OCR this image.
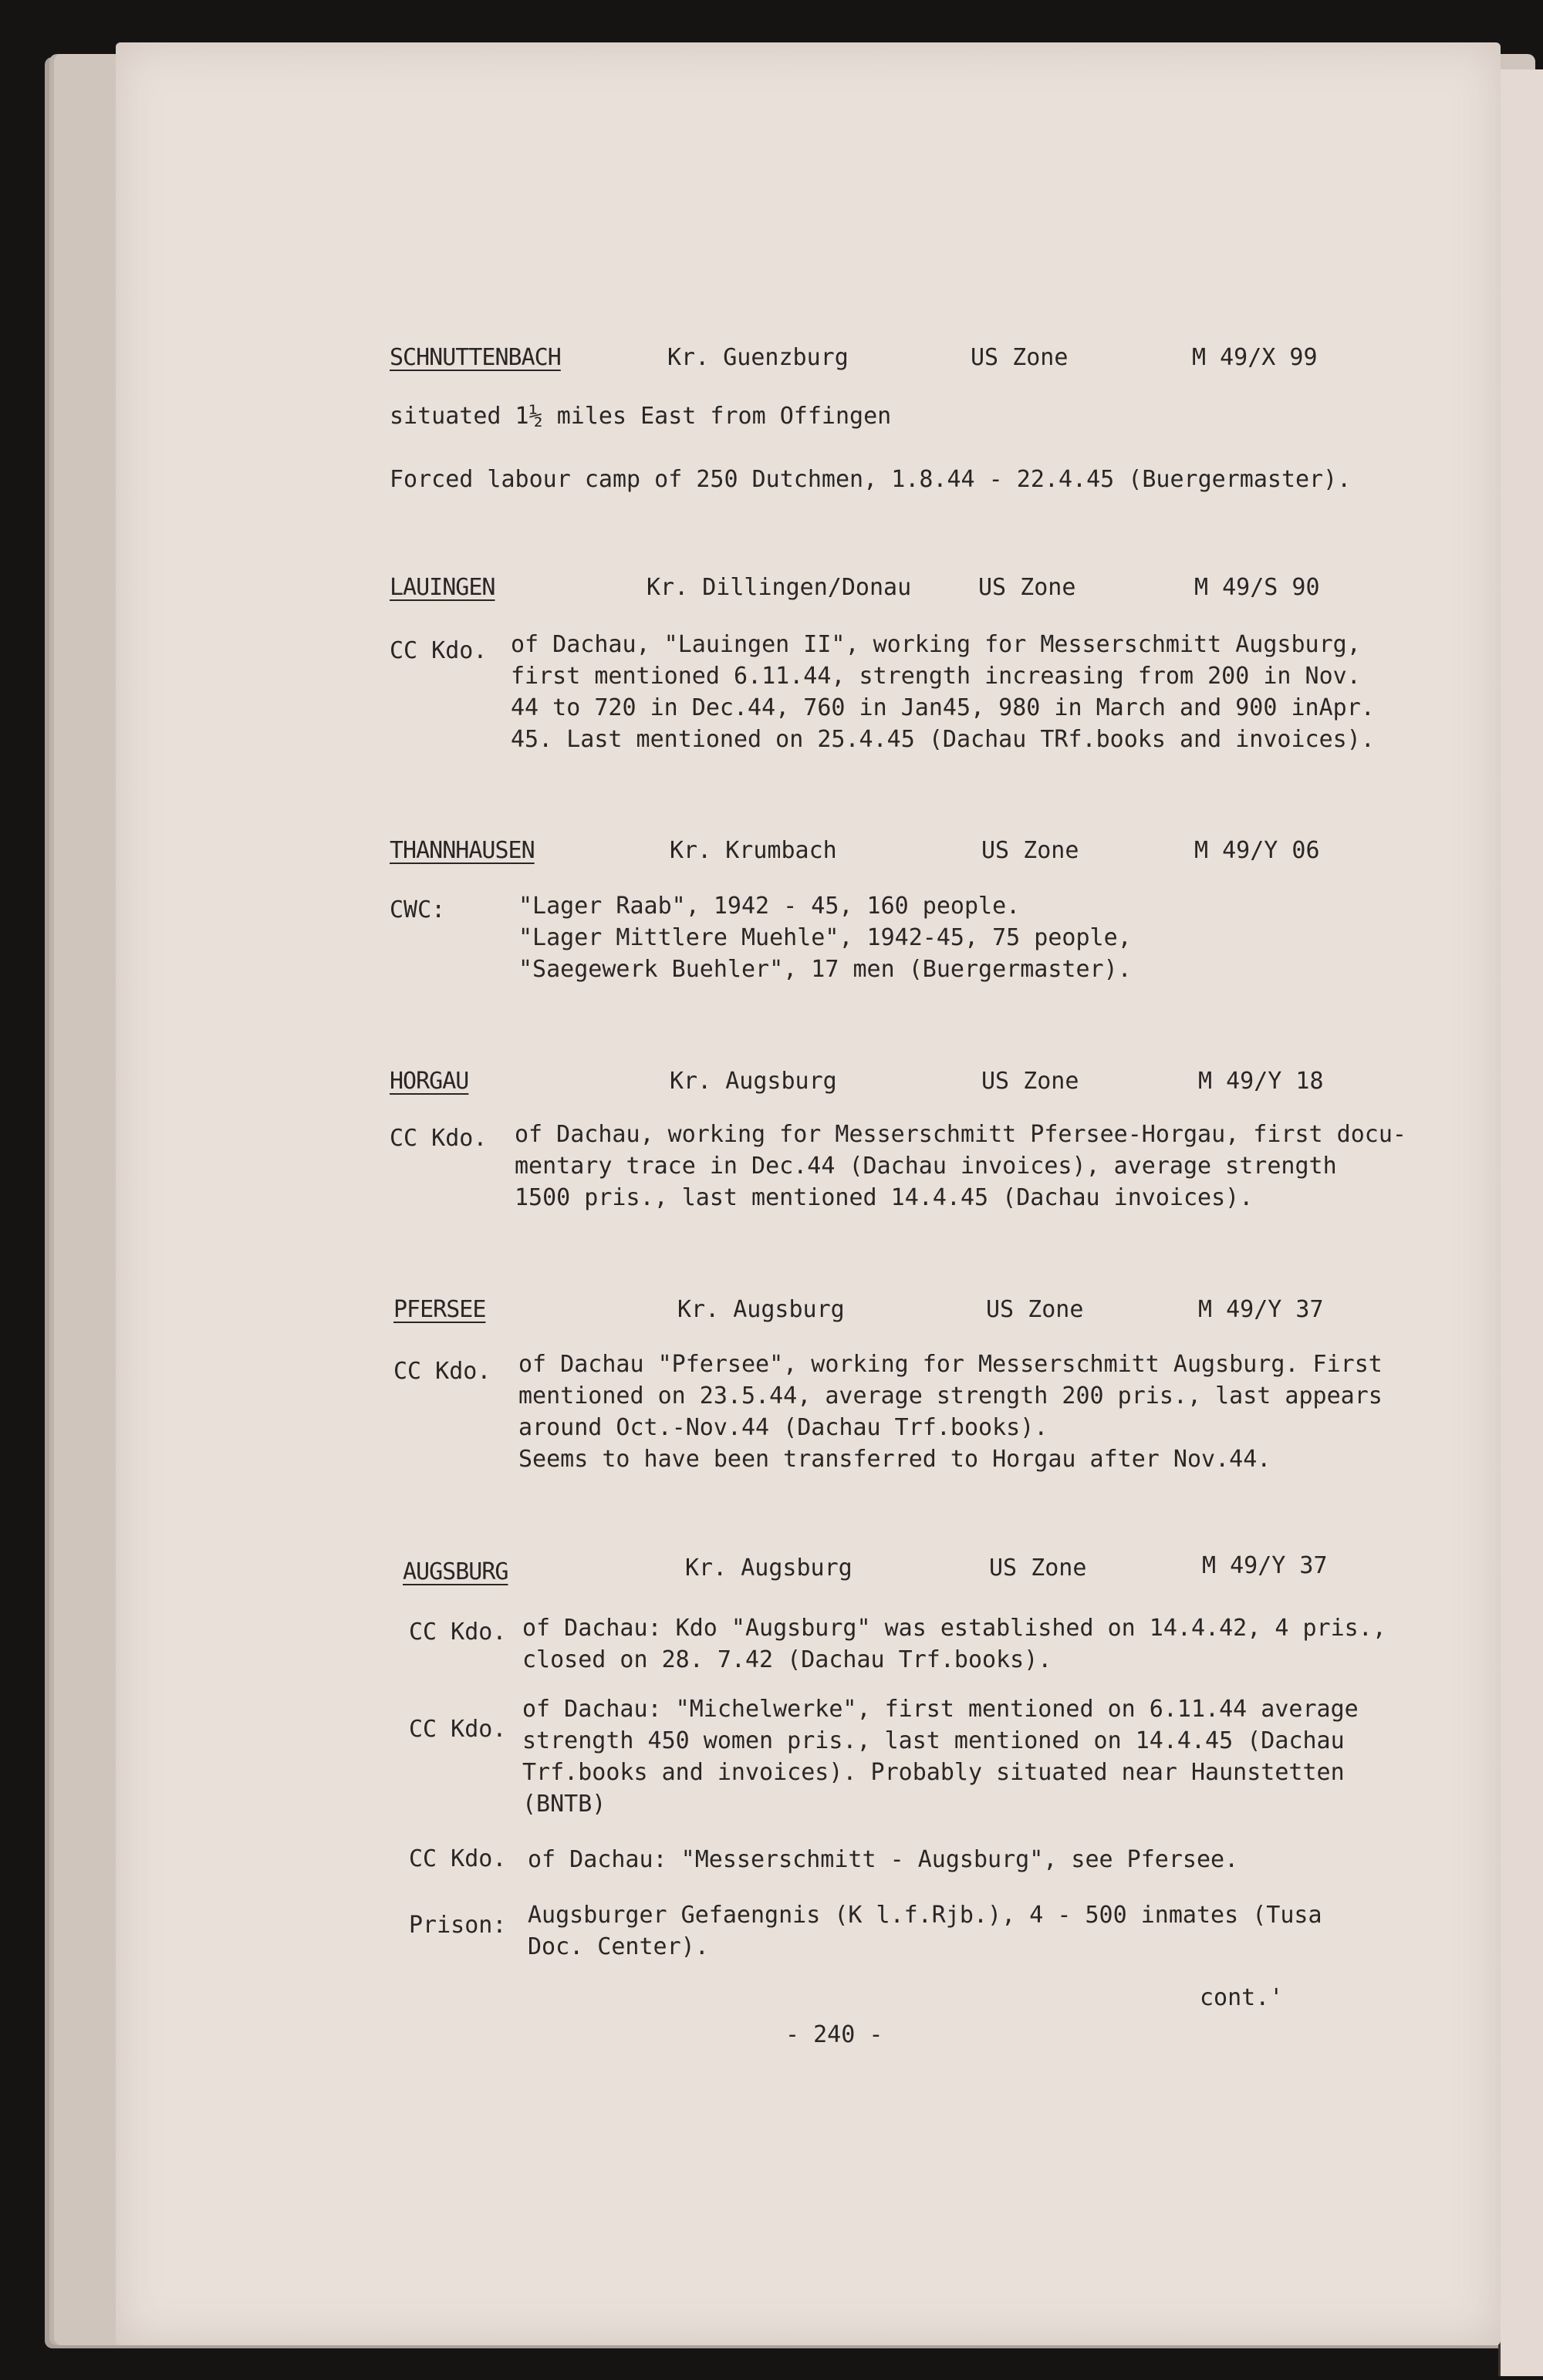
SCHNUTTENBACH	Kr. Guenzburg	US Zone	M 49/X 99
situated 1½ miles East from Offingen
Forced labour camp of 250 Dutchmen, 1.8.44 - 22.4.45 (Buergermaster).
LAUINGEN	Kr. Dillingen/Donau	US Zone	M 49/S 90
CC Kdo. of Dachau, "Lauingen II", working for Messerschmitt Augsburg,
first mentioned 6.11.44, strength increasing from 200 in Nov.
44 to 720 in Dec.44, 760 in Jan45, 980 in March and 900 inApr.
45. Last mentioned on 25.4.45 (Dachau TRf.books and invoices).
THANNHAUSEN	Kr. Krumbach	US Zone	M 49/Y 06
CWC:	"Lager Raab", 1942 - 45, 160 people.
"Lager Mittlere Muehle", 1942-45, 75 people,
"Saegewerk Buehler", 17 men (Buergermaster).
HORGAU	Kr. Augsburg	US Zone	M 49/Y 18
CC Kdo. of Dachau, working for Messerschmitt Pfersee-Horgau, first docu-
mentary trace in Dec.44 (Dachau invoices), average strength
1500 pris., last mentioned 14.4.45 (Dachau invoices).
PFERSEE	Kr. Augsburg	US Zone	M 49/Y 37
CC Kdo. of Dachau "Pfersee", working for Messerschmitt Augsburg. First
mentioned on 23.5.44, average strength 200 pris., last appears
around Oct.-Nov.44 (Dachau Trf.books).
Seems to have been transferred to Horgau after Nov.44.
AUGSBURG	Kr. Augsburg	US Zone	M 49/Y 37
CC Kdo. of Dachau: Kdo "Augsburg" was established on 14.4.42, 4 pris.,
closed on 28. 7.42 (Dachau Trf.books).
CC Kdo.
of Dachau: "Michelwerke", first mentioned on 6.11.44 average
strength 450 women pris., last mentioned on 14.4.45 (Dachau
Trf.books and invoices). Probably situated near Haunstetten
(BNTB)
CC Kdo. of Dachau: "Messerschmitt - Augsburg", see Pfersee.
Prison: Augsburger Gefaengnis (K l.f.Rjb.), 4 - 500 inmates (Tusa
Doc. Center).
cont.'
- 240 -
